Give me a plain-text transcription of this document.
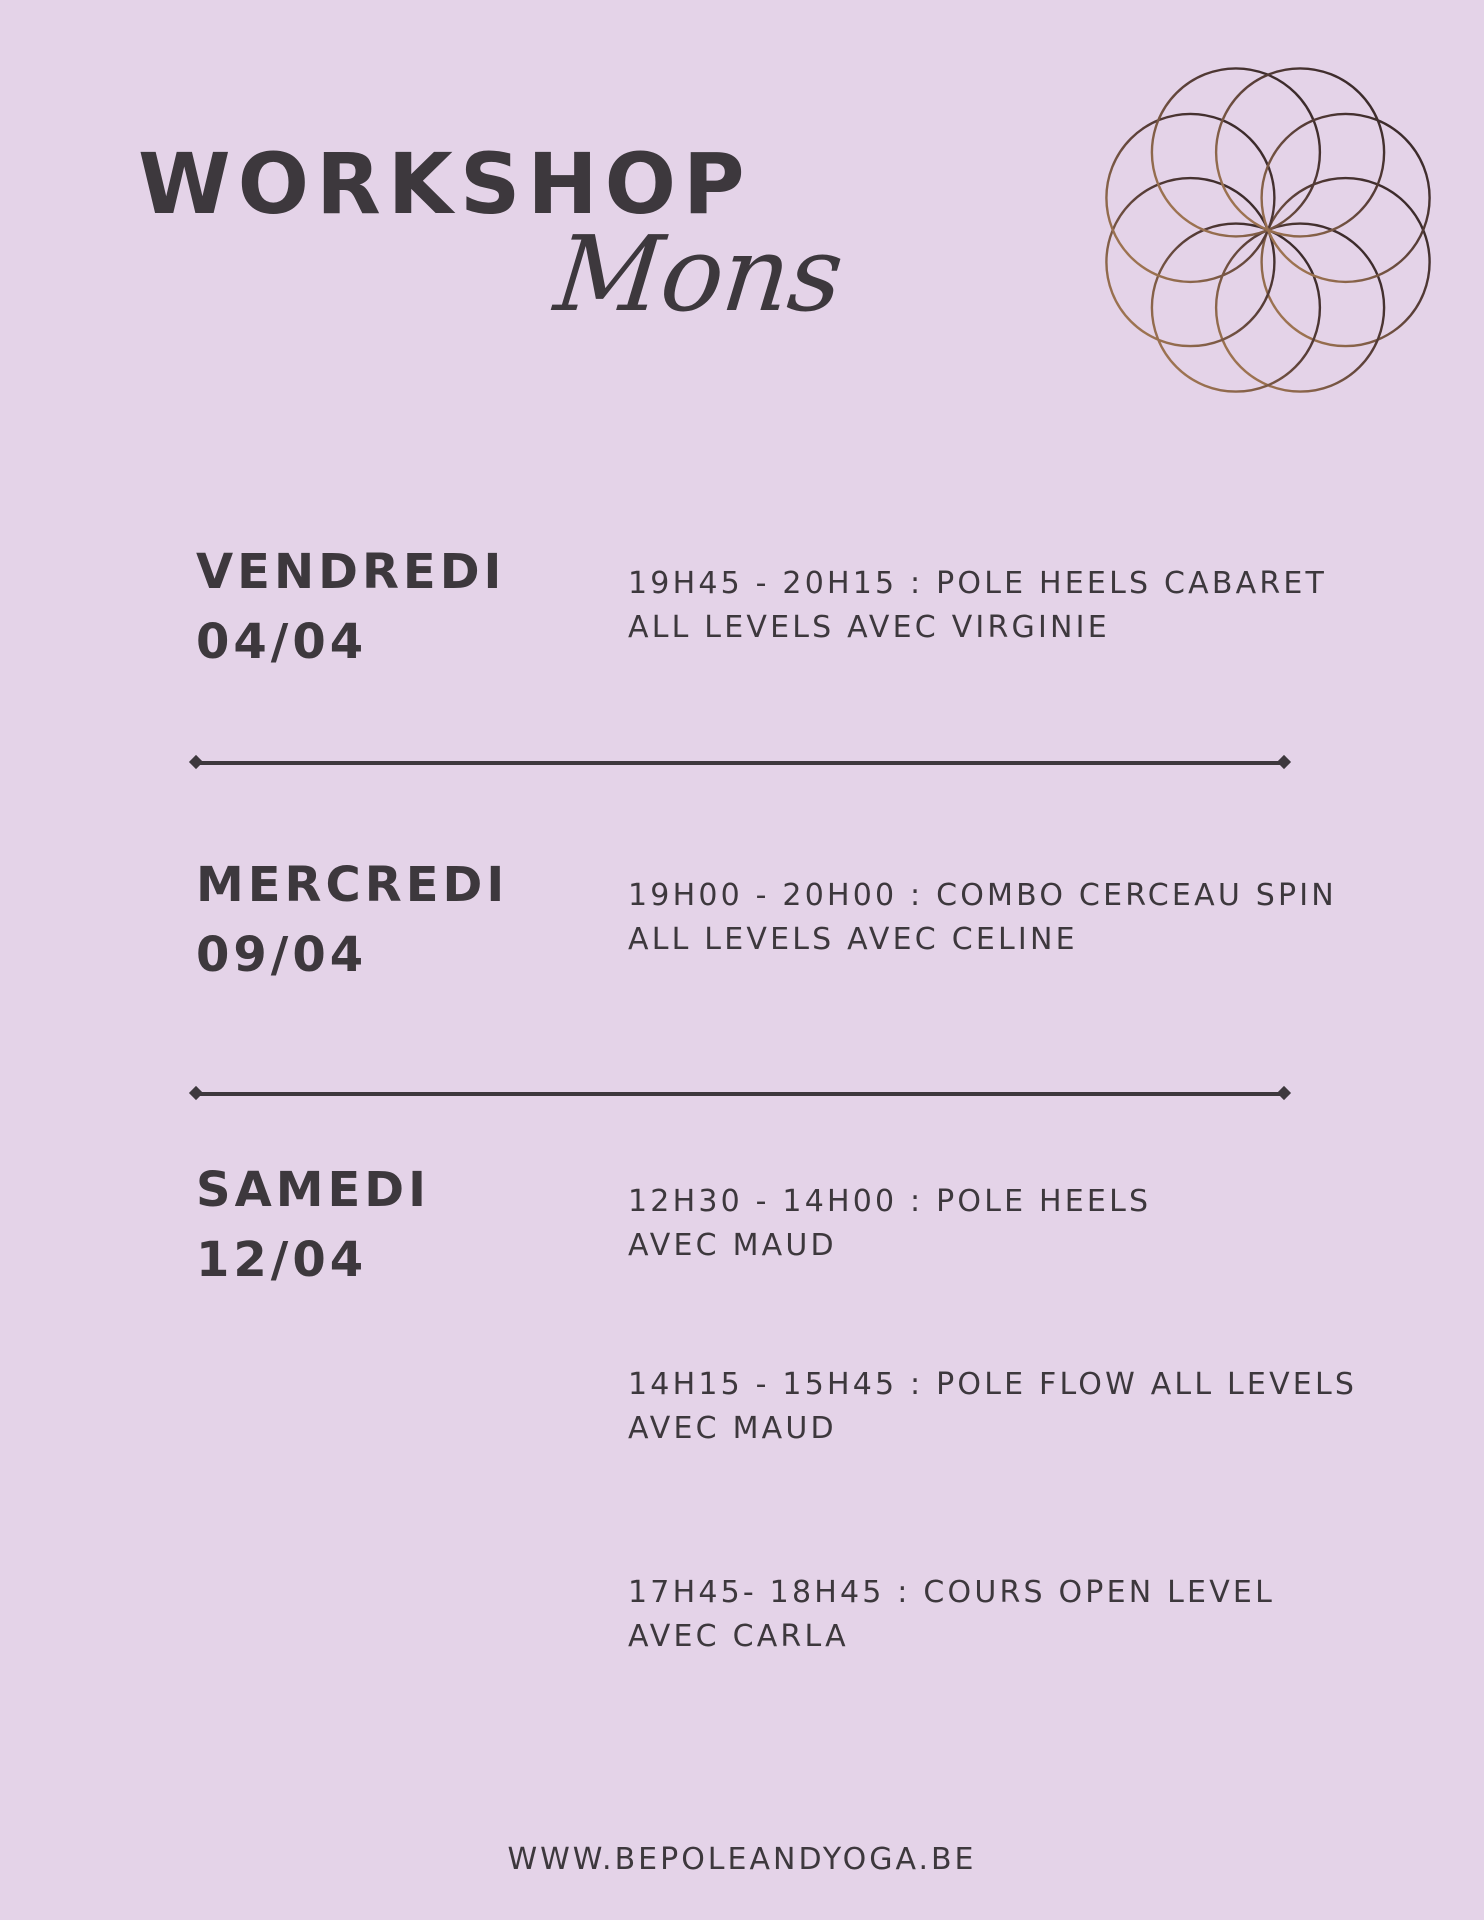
WORKSHOP
Mons
VENDREDI
04/04
19H45 - 20H15 : POLE HEELS CABARET
ALL LEVELS AVEC VIRGINIE
MERCREDI
09/04
19H00 - 20H00 : COMBO CERCEAU SPIN
ALL LEVELS AVEC CELINE
SAMEDI
12/04
12H30 - 14H00 : POLE HEELS
AVEC MAUD
14H15 - 15H45 : POLE FLOW ALL LEVELS
AVEC MAUD
17H45- 18H45 : COURS OPEN LEVEL
AVEC CARLA
WWW.BEPOLEANDYOGA.BE
